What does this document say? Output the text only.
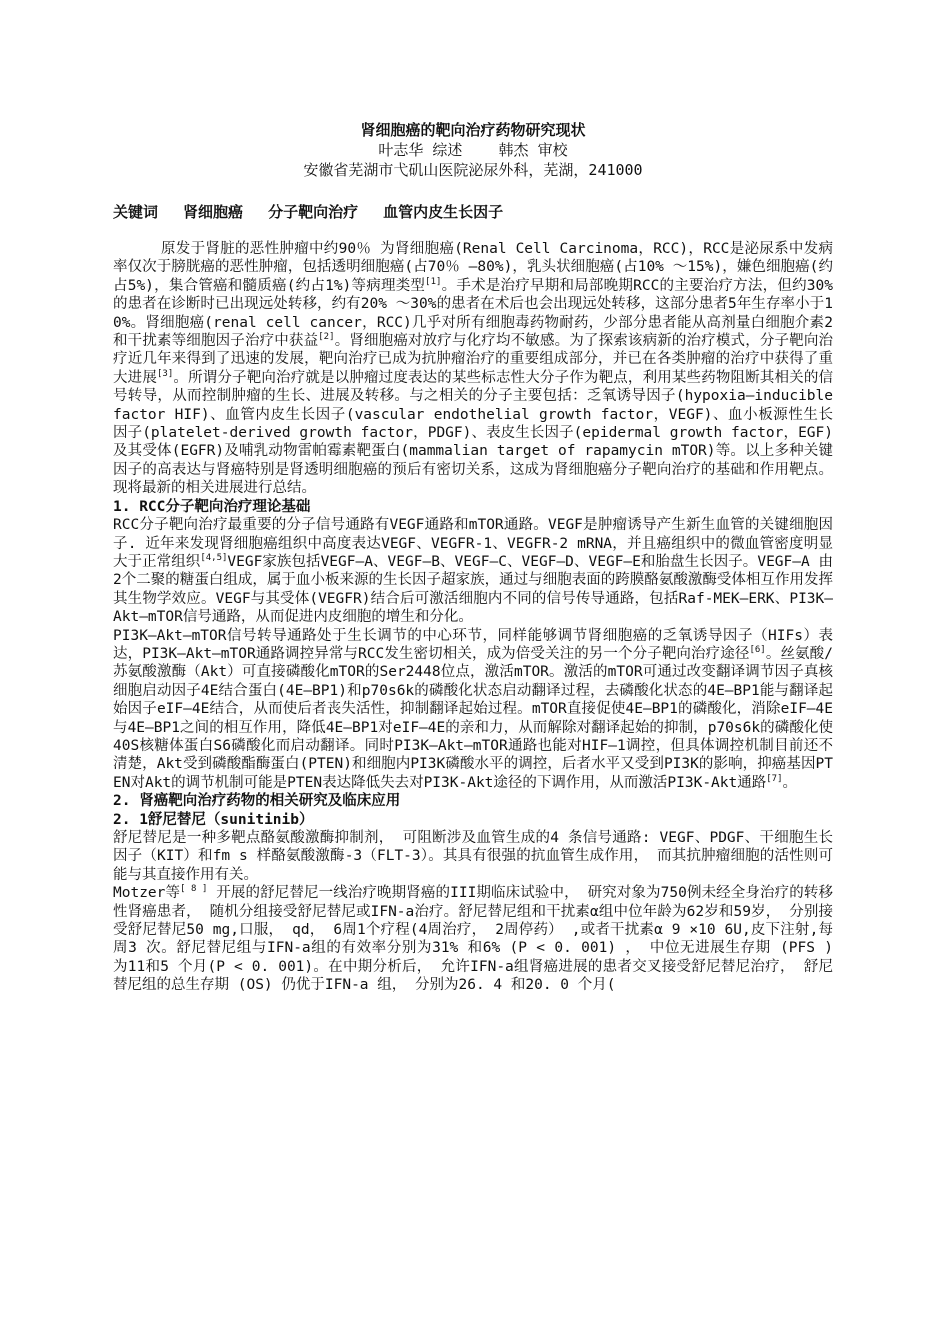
肾细胞癌的靶向治疗药物研究现状
叶志华 综述    韩杰 审校
安徽省芜湖市弋矶山医院泌尿外科，芜湖，241000
关键词 肾细胞癌 分子靶向治疗 血管内皮生长因子

原发于肾脏的恶性肿瘤中约90％ 为肾细胞癌(Renal Cell Carcinoma，RCC)，RCC是泌尿系中发病率仅次于膀胱癌的恶性肿瘤，包括透明细胞癌(占70％ —80%)，乳头状细胞癌(占10% ～15%)，嫌色细胞癌(约占5%)，集合管癌和髓质癌(约占1%)等病理类型[1]。手术是治疗早期和局部晚期RCC的主要治疗方法，但约30%的患者在诊断时已出现远处转移，约有20% ～30%的患者在术后也会出现远处转移，这部分患者5年生存率小于10%。肾细胞癌(renal cell cancer，RCC)几乎对所有细胞毒药物耐药，少部分患者能从高剂量白细胞介素2和干扰素等细胞因子治疗中获益[2]。肾细胞癌对放疗与化疗均不敏感。为了探索该病新的治疗模式，分子靶向治疗近几年来得到了迅速的发展，靶向治疗已成为抗肿瘤治疗的重要组成部分，并已在各类肿瘤的治疗中获得了重大进展[3]。所谓分子靶向治疗就是以肿瘤过度表达的某些标志性大分子作为靶点，利用某些药物阻断其相关的信号转导，从而控制肿瘤的生长、进展及转移。与之相关的分子主要包括：乏氧诱导因子(hypoxia—inducible factor HIF)、血管内皮生长因子(vascular endothelial growth factor，VEGF)、血小板源性生长因子(platelet-derived growth factor，PDGF)、表皮生长因子(epidermal growth factor，EGF)及其受体(EGFR)及哺乳动物雷帕霉素靶蛋白(mammalian target of rapamycin mTOR)等。以上多种关键因子的高表达与肾癌特别是肾透明细胞癌的预后有密切关系，这成为肾细胞癌分子靶向治疗的基础和作用靶点。现将最新的相关进展进行总结。

1. RCC分子靶向治疗理论基础

RCC分子靶向治疗最重要的分子信号通路有VEGF通路和mTOR通路。VEGF是肿瘤诱导产生新生血管的关键细胞因子. 近年来发现肾细胞癌组织中高度表达VEGF、VEGFR-1、VEGFR-2 mRNA，并且癌组织中的微血管密度明显大于正常组织[4,5]VEGF家族包括VEGF—A、VEGF—B、VEGF—C、VEGF—D、VEGF—E和胎盘生长因子。VEGF—A 由2个二聚的糖蛋白组成，属于血小板来源的生长因子超家族，通过与细胞表面的跨膜酪氨酸激酶受体相互作用发挥其生物学效应。VEGF与其受体(VEGFR)结合后可激活细胞内不同的信号传导通路，包括Raf-MEK—ERK、PI3K—Akt—mTOR信号通路，从而促进内皮细胞的增生和分化。

PI3K—Akt—mTOR信号转导通路处于生长调节的中心环节，同样能够调节肾细胞癌的乏氧诱导因子（HIFs）表达，PI3K—Akt—mTOR通路调控异常与RCC发生密切相关，成为倍受关注的另一个分子靶向治疗途径[6]。丝氨酸/苏氨酸激酶（Akt）可直接磷酸化mTOR的Ser2448位点，激活mTOR。激活的mTOR可通过改变翻译调节因子真核细胞启动因子4E结合蛋白(4E—BP1)和p70s6k的磷酸化状态启动翻译过程，去磷酸化状态的4E—BP1能与翻译起始因子eIF—4E结合，从而使后者丧失活性，抑制翻译起始过程。mTOR直接促使4E—BP1的磷酸化，消除eIF—4E与4E—BP1之间的相互作用，降低4E—BP1对eIF—4E的亲和力，从而解除对翻译起始的抑制，p70s6k的磷酸化使40S核糖体蛋白S6磷酸化而启动翻译。同时PI3K—Akt—mTOR通路也能对HIF—1调控，但具体调控机制目前还不清楚，Akt受到磷酸酯酶蛋白(PTEN)和细胞内PI3K磷酸水平的调控，后者水平又受到PI3K的影响，抑癌基因PTEN对Akt的调节机制可能是PTEN表达降低失去对PI3K-Akt途径的下调作用，从而激活PI3K-Akt通路[7]。

2. 肾癌靶向治疗药物的相关研究及临床应用

2. 1舒尼替尼（sunitinib）

舒尼替尼是一种多靶点酪氨酸激酶抑制剂， 可阻断涉及血管生成的4 条信号通路: VEGF、PDGF、干细胞生长因子（KIT）和fm s 样酪氨酸激酶-3（FLT-3）。其具有很强的抗血管生成作用， 而其抗肿瘤细胞的活性则可能与其直接作用有关。

Motzer等[ 8 ] 开展的舒尼替尼一线治疗晚期肾癌的III期临床试验中， 研究对象为750例未经全身治疗的转移性肾癌患者， 随机分组接受舒尼替尼或IFN-a治疗。舒尼替尼组和干扰素α组中位年龄为62岁和59岁， 分别接受舒尼替尼50 mg,口服， qd， 6周1个疗程(4周治疗， 2周停药） ,或者干扰素α 9 ×10 6U,皮下注射,每周3 次。舒尼替尼组与IFN-a组的有效率分别为31% 和6% (P < 0. 001) ， 中位无进展生存期 (PFS ) 为11和5 个月(P < 0. 001)。在中期分析后， 允许IFN-a组肾癌进展的患者交叉接受舒尼替尼治疗， 舒尼替尼组的总生存期 (OS) 仍优于IFN-a 组， 分别为26. 4 和20. 0 个月(
